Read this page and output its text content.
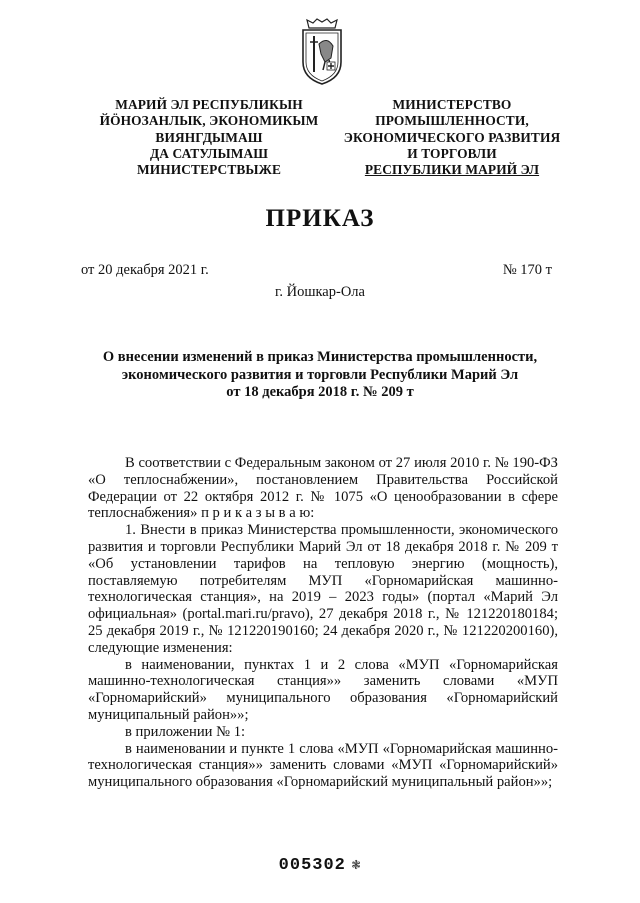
МАРИЙ ЭЛ РЕСПУБЛИКЫН
ЙӦНОЗАНЛЫК, ЭКОНОМИКЫМ
ВИЯНГДЫМАШ
ДА САТУЛЫМАШ
МИНИСТЕРСТВЫЖЕ
МИНИСТЕРСТВО
ПРОМЫШЛЕННОСТИ,
ЭКОНОМИЧЕСКОГО РАЗВИТИЯ
И ТОРГОВЛИ
РЕСПУБЛИКИ МАРИЙ ЭЛ
ПРИКАЗ
от 20 декабря 2021 г.	№ 170 т
г. Йошкар-Ола
О внесении изменений в приказ Министерства промышленности,
экономического развития и торговли Республики Марий Эл
от 18 декабря 2018 г. № 209 т

В соответствии с Федеральным законом от 27 июля 2010 г. № 190-ФЗ «О теплоснабжении», постановлением Правительства Российской Федерации от 22 октября 2012 г. № 1075 «О ценообразовании в сфере теплоснабжения» п р и к а з ы в а ю:

1. Внести в приказ Министерства промышленности, экономического развития и торговли Республики Марий Эл от 18 декабря 2018 г. № 209 т «Об установлении тарифов на тепловую энергию (мощность), поставляемую потребителям МУП «Горномарийская машинно-технологическая станция», на 2019 – 2023 годы» (портал «Марий Эл официальная» (portal.mari.ru/pravo), 27 декабря 2018 г., № 121220180184; 25 декабря 2019 г., № 121220190160; 24 декабря 2020 г., № 121220200160), следующие изменения:

в наименовании, пунктах 1 и 2 слова «МУП «Горномарийская машинно-технологическая станция»» заменить словами «МУП «Горномарийский» муниципального образования «Горномарийский муниципальный район»»;

в приложении № 1:

в наименовании и пункте 1 слова «МУП «Горномарийская машинно-технологическая станция»» заменить словами «МУП «Горномарийский» муниципального образования «Горномарийский муниципальный район»»;

005302 ❃
